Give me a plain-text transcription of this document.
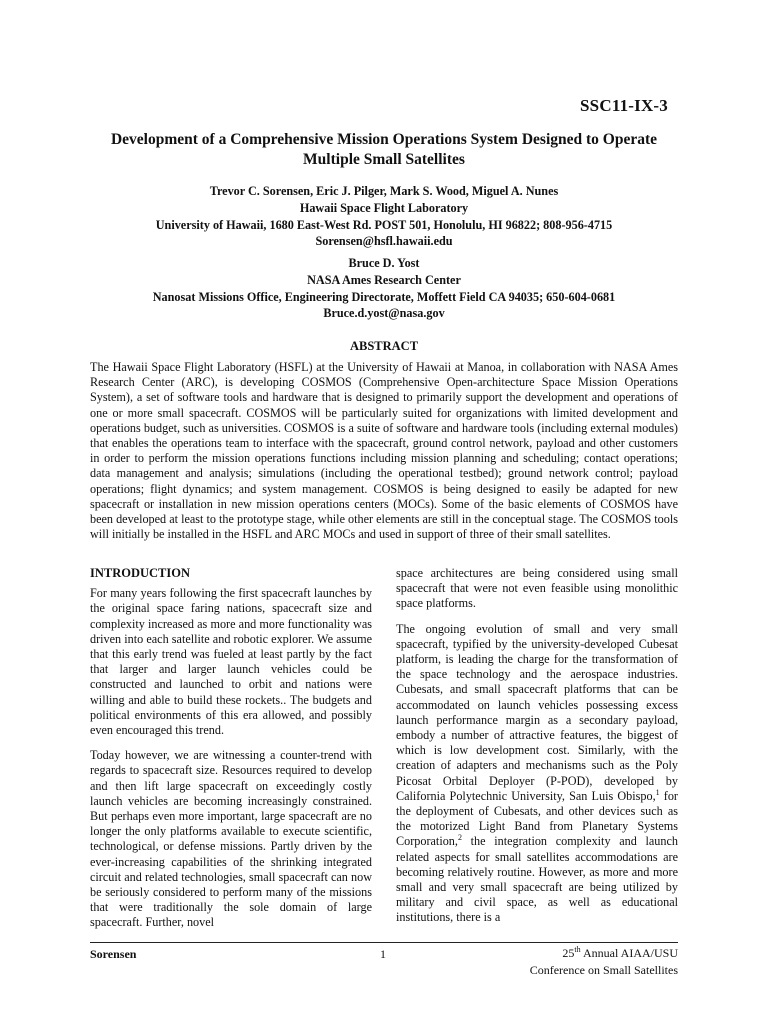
SSC11-IX-3
Development of a Comprehensive Mission Operations System Designed to Operate
Multiple Small Satellites
Trevor C. Sorensen, Eric J. Pilger, Mark S. Wood, Miguel A. Nunes
Hawaii Space Flight Laboratory
University of Hawaii, 1680 East-West Rd. POST 501, Honolulu, HI 96822; 808-956-4715
Sorensen@hsfl.hawaii.edu
Bruce D. Yost
NASA Ames Research Center
Nanosat Missions Office, Engineering Directorate, Moffett Field CA 94035; 650-604-0681
Bruce.d.yost@nasa.gov
ABSTRACT

The Hawaii Space Flight Laboratory (HSFL) at the University of Hawaii at Manoa, in collaboration with NASA Ames Research Center (ARC), is developing COSMOS (Comprehensive Open-architecture Space Mission Operations System), a set of software tools and hardware that is designed to primarily support the development and operations of one or more small spacecraft. COSMOS will be particularly suited for organizations with limited development and operations budget, such as universities. COSMOS is a suite of software and hardware tools (including external modules) that enables the operations team to interface with the spacecraft, ground control network, payload and other customers in order to perform the mission operations functions including mission planning and scheduling; contact operations; data management and analysis; simulations (including the operational testbed); ground network control; payload operations; flight dynamics; and system management. COSMOS is being designed to easily be adapted for new spacecraft or installation in new mission operations centers (MOCs). Some of the basic elements of COSMOS have been developed at least to the prototype stage, while other elements are still in the conceptual stage. The COSMOS tools will initially be installed in the HSFL and ARC MOCs and used in support of three of their small satellites.

INTRODUCTION

For many years following the first spacecraft launches by the original space faring nations, spacecraft size and complexity increased as more and more functionality was driven into each satellite and robotic explorer. We assume that this early trend was fueled at least partly by the fact that larger and larger launch vehicles could be constructed and launched to orbit and nations were willing and able to build these rockets.. The budgets and political environments of this era allowed, and possibly even encouraged this trend.

Today however, we are witnessing a counter-trend with regards to spacecraft size. Resources required to develop and then lift large spacecraft on exceedingly costly launch vehicles are becoming increasingly constrained. But perhaps even more important, large spacecraft are no longer the only platforms available to execute scientific, technological, or defense missions. Partly driven by the ever-increasing capabilities of the shrinking integrated circuit and related technologies, small spacecraft can now be seriously considered to perform many of the missions that were traditionally the sole domain of large spacecraft. Further, novel

space architectures are being considered using small spacecraft that were not even feasible using monolithic space platforms.

The ongoing evolution of small and very small spacecraft, typified by the university-developed Cubesat platform, is leading the charge for the transformation of the space technology and the aerospace industries. Cubesats, and small spacecraft platforms that can be accommodated on launch vehicles possessing excess launch performance margin as a secondary payload, embody a number of attractive features, the biggest of which is low development cost. Similarly, with the creation of adapters and mechanisms such as the Poly Picosat Orbital Deployer (P-POD), developed by California Polytechnic University, San Luis Obispo,$^1$ for the deployment of Cubesats, and other devices such as the motorized Light Band from Planetary Systems Corporation,$^2$ the integration complexity and launch related aspects for small satellites accommodations are becoming relatively routine. However, as more and more small and very small spacecraft are being utilized by military and civil space, as well as educational institutions, there is a

Sorensen	1	25th Annual AIAA/USU
Conference on Small Satellites
